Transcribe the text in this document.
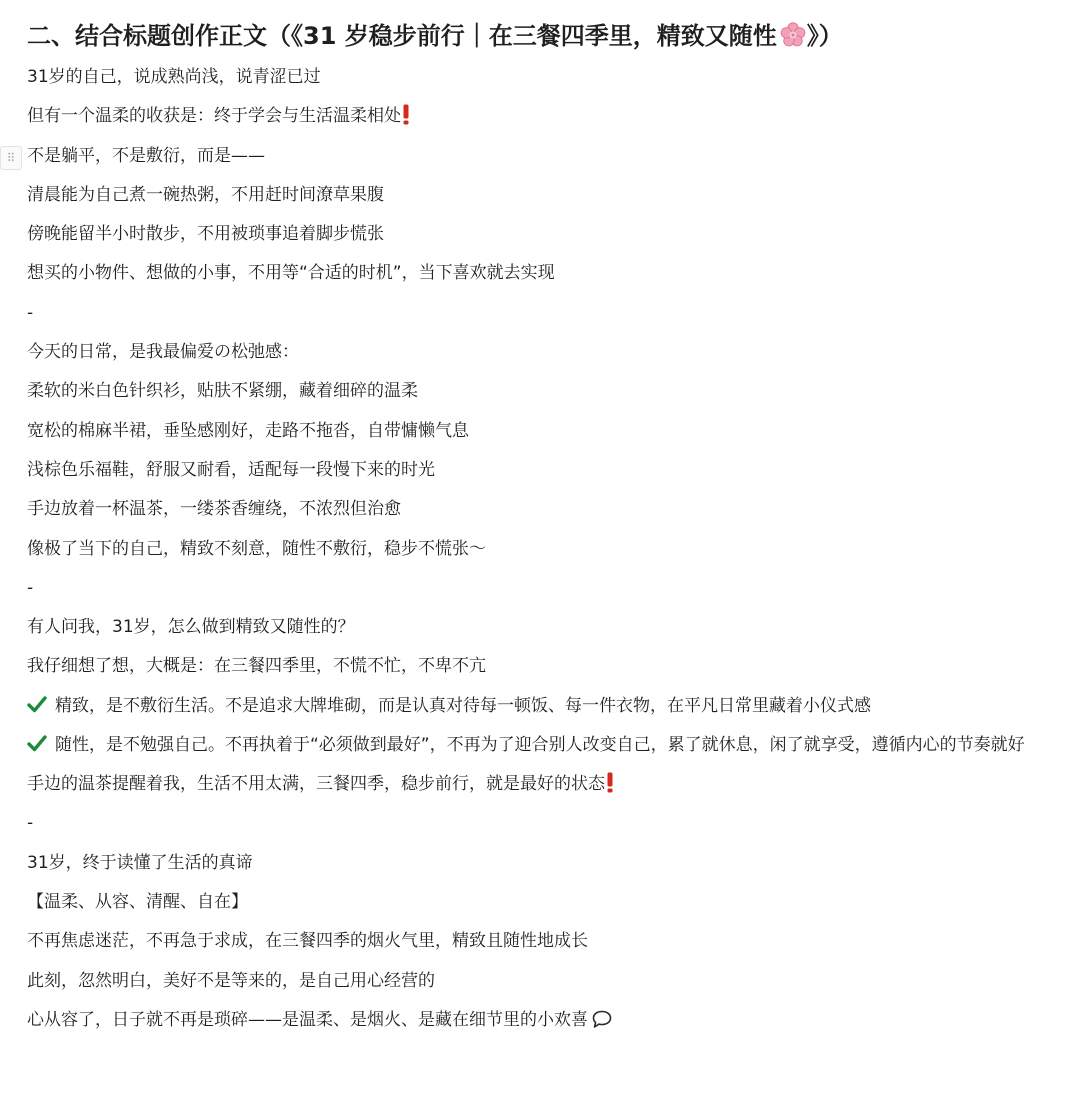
二、结合标题创作正文（《31 岁稳步前行｜在三餐四季里，精致又随性 》）
31岁的自己，说成熟尚浅，说青涩已过
但有一个温柔的收获是：终于学会与生活温柔相处
⠿ 不是躺平，不是敷衍，而是——
清晨能为自己煮一碗热粥，不用赶时间潦草果腹
傍晚能留半小时散步，不用被琐事追着脚步慌张
想买的小物件、想做的小事，不用等“合适的时机”，当下喜欢就去实现
-
今天的日常，是我最偏爱の松弛感：
柔软的米白色针织衫，贴肤不紧绷，藏着细碎的温柔
宽松的棉麻半裙，垂坠感刚好，走路不拖沓，自带慵懒气息
浅棕色乐福鞋，舒服又耐看，适配每一段慢下来的时光
手边放着一杯温茶，一缕茶香缠绕，不浓烈但治愈
像极了当下的自己，精致不刻意，随性不敷衍，稳步不慌张～
-
有人问我，31岁，怎么做到精致又随性的？
我仔细想了想，大概是：在三餐四季里，不慌不忙，不卑不亢
精致，是不敷衍生活。不是追求大牌堆砌，而是认真对待每一顿饭、每一件衣物，在平凡日常里藏着小仪式感
随性，是不勉强自己。不再执着于“必须做到最好”，不再为了迎合别人改变自己，累了就休息，闲了就享受，遵循内心的节奏就好
手边的温茶提醒着我，生活不用太满，三餐四季，稳步前行，就是最好的状态
-
31岁，终于读懂了生活的真谛
【温柔、从容、清醒、自在】
不再焦虑迷茫，不再急于求成，在三餐四季的烟火气里，精致且随性地成长
此刻，忽然明白，美好不是等来的，是自己用心经营的
心从容了，日子就不再是琐碎——是温柔、是烟火、是藏在细节里的小欢喜
